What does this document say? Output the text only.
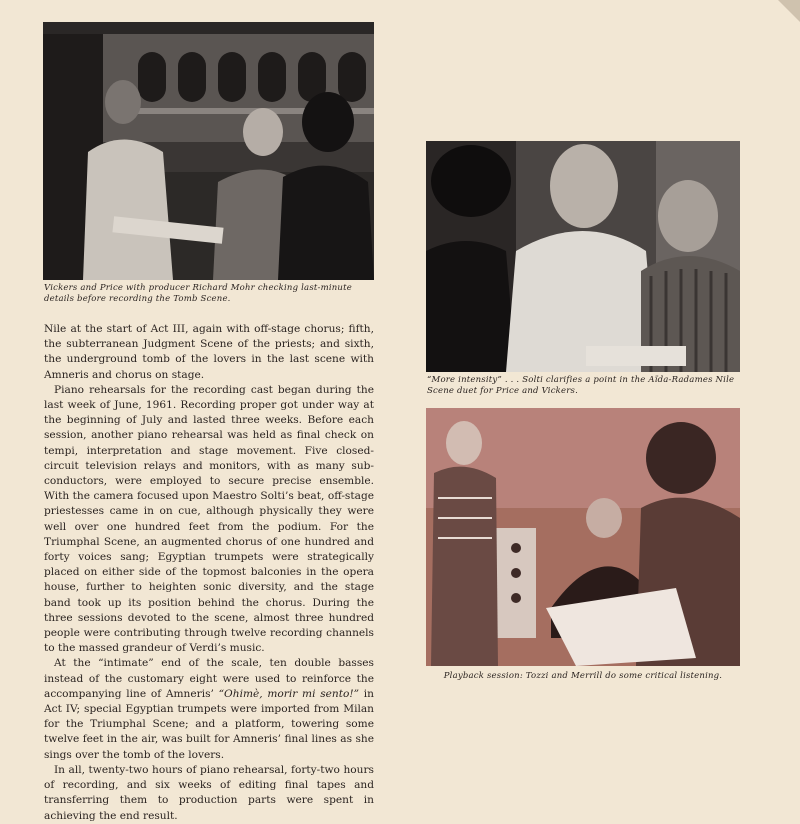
Vickers and Price with producer Richard Mohr checking last-minute details before recording the Tomb Scene.
“More intensity” . . . Solti clarifies a point in the Aïda-Radames Nile Scene duet for Price and Vickers.
Playback session: Tozzi and Merrill do some critical listening.

Nile at the start of Act III, again with off-stage chorus; fifth, the subterranean Judgment Scene of the priests; and sixth, the underground tomb of the lovers in the last scene with Amneris and chorus on stage.

Piano rehearsals for the recording cast began during the last week of June, 1961. Recording proper got under way at the beginning of July and lasted three weeks. Before each session, another piano rehearsal was held as final check on tempi, interpretation and stage movement. Five closed-circuit television relays and monitors, with as many sub-conductors, were employed to secure precise ensemble. With the camera focused upon Maestro Solti’s beat, off-stage priestesses came in on cue, although physically they were well over one hundred feet from the podium. For the Triumphal Scene, an augmented chorus of one hundred and forty voices sang; Egyptian trumpets were strategically placed on either side of the topmost balconies in the opera house, further to heighten sonic diversity, and the stage band took up its position behind the chorus. During the three sessions devoted to the scene, almost three hundred people were contributing through twelve recording channels to the massed grandeur of Verdi’s music.

At the “intimate” end of the scale, ten double basses instead of the customary eight were used to reinforce the accompanying line of Amneris’ “Ohimè, morir mi sento!” in Act IV; special Egyptian trumpets were imported from Milan for the Triumphal Scene; and a platform, towering some twelve feet in the air, was built for Amneris’ final lines as she sings over the tomb of the lovers.

In all, twenty-two hours of piano rehearsal, forty-two hours of recording, and six weeks of editing final tapes and transferring them to production parts were spent in achieving the end result.
